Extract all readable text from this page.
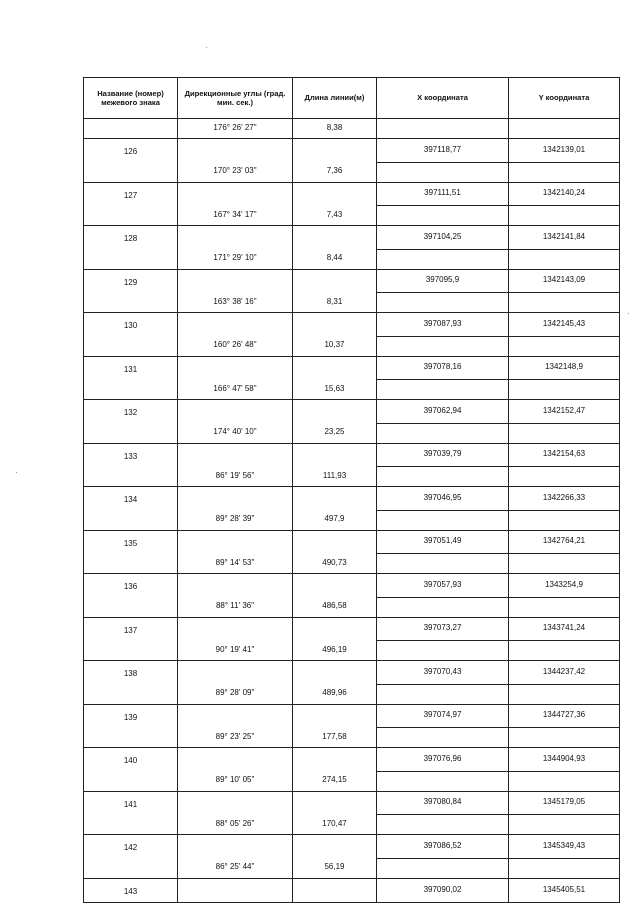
Название (номер) межевого знака	Дирекционные углы (град. мин. сек.)	Длина линии(м)	X координата	Y координата
	176° 26' 27"	8,38		
126			397118,77	1342139,01
	170° 23' 03"	7,36		
127			397111,51	1342140,24
	167° 34' 17"	7,43		
128			397104,25	1342141,84
	171° 29' 10"	8,44		
129			397095,9	1342143,09
	163° 38' 16"	8,31		
130			397087,93	1342145,43
	160° 26' 48"	10,37		
131			397078,16	1342148,9
	166° 47' 58"	15,63		
132			397062,94	1342152,47
	174° 40' 10"	23,25		
133			397039,79	1342154,63
	86° 19' 56"	111,93		
134			397046,95	1342266,33
	89° 28' 39"	497,9		
135			397051,49	1342764,21
	89° 14' 53"	490,73		
136			397057,93	1343254,9
	88° 11' 36"	486,58		
137			397073,27	1343741,24
	90° 19' 41"	496,19		
138			397070,43	1344237,42
	89° 28' 09"	489,96		
139			397074,97	1344727,36
	89° 23' 25"	177,58		
140			397076,96	1344904,93
	89° 10' 05"	274,15		
141			397080,84	1345179,05
	88° 05' 26"	170,47		
142			397086,52	1345349,43
	86° 25' 44"	56,19		
143			397090,02	1345405,51
